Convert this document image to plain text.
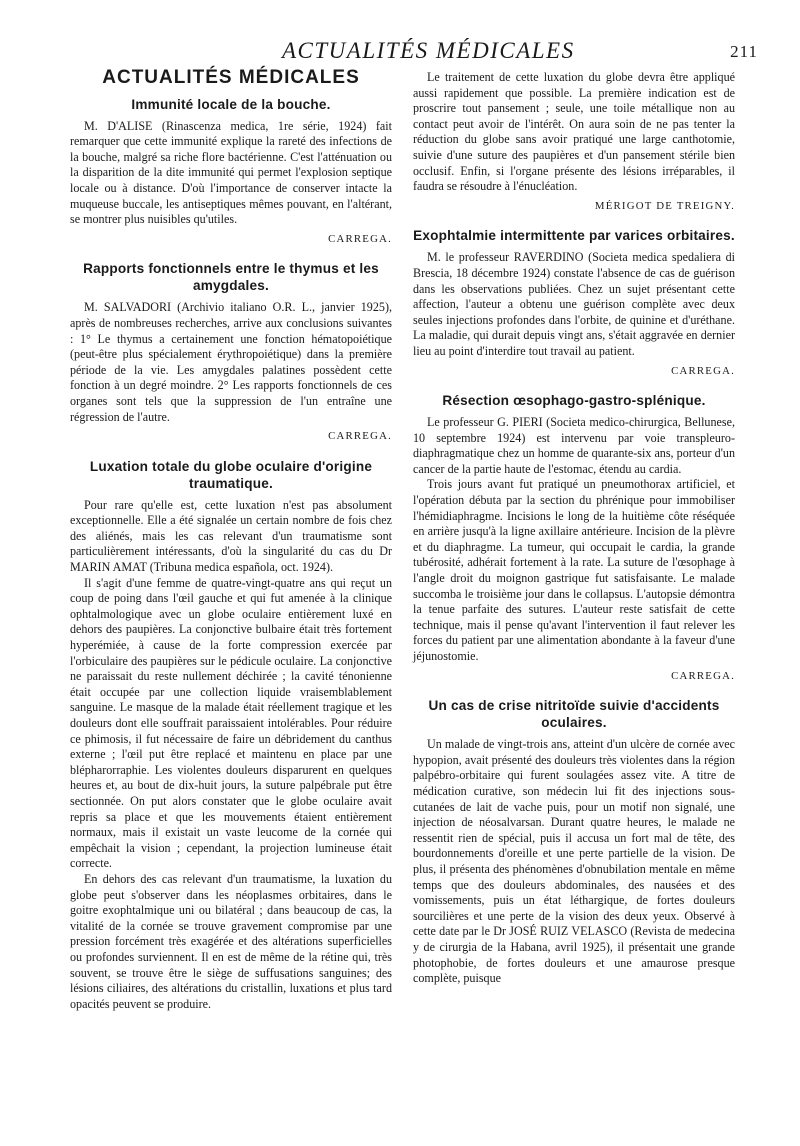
ACTUALITÉS MÉDICALES	211
ACTUALITÉS MÉDICALES
Immunité locale de la bouche.

M. D'ALISE (Rinascenza medica, 1re série, 1924) fait remarquer que cette immunité explique la rareté des infections de la bouche, malgré sa riche flore bactérienne. C'est l'atténuation ou la disparition de la dite immunité qui permet l'explosion septique locale ou à distance. D'où l'importance de conserver intacte la muqueuse buccale, les antiseptiques mêmes pouvant, en l'altérant, se montrer plus nuisibles qu'utiles.

CARREGA.
Rapports fonctionnels entre le thymus et les amygdales.

M. SALVADORI (Archivio italiano O.R. L., janvier 1925), après de nombreuses recherches, arrive aux conclusions suivantes : 1° Le thymus a certainement une fonction hématopoiétique (peut-être plus spécialement érythropoiétique) dans la première période de la vie. Les amygdales palatines possèdent cette fonction à un degré moindre. 2° Les rapports fonctionnels de ces organes sont tels que la suppression de l'un entraîne une régression de l'autre.

CARREGA.
Luxation totale du globe oculaire d'origine traumatique.

Pour rare qu'elle est, cette luxation n'est pas absolument exceptionnelle. Elle a été signalée un certain nombre de fois chez des aliénés, mais les cas relevant d'un traumatisme sont particulièrement intéressants, d'où la singularité du cas du Dr MARIN AMAT (Tribuna medica española, oct. 1924).

Il s'agit d'une femme de quatre-vingt-quatre ans qui reçut un coup de poing dans l'œil gauche et qui fut amenée à la clinique ophtalmologique avec un globe oculaire entièrement luxé en dehors des paupières. La conjonctive bulbaire était très fortement hyperémiée, à cause de la forte compression exercée par l'orbiculaire des paupières sur le pédicule oculaire. La conjonctive ne paraissait du reste nullement déchirée ; la cavité ténonienne était occupée par une collection liquide vraisemblablement sanguine. Le masque de la malade était réellement tragique et les douleurs dont elle souffrait paraissaient intolérables. Pour réduire ce phimosis, il fut nécessaire de faire un débridement du canthus externe ; l'œil put être replacé et maintenu en place par une blépharorraphie. Les violentes douleurs disparurent en quelques heures et, au bout de dix-huit jours, la suture palpébrale put être sectionnée. On put alors constater que le globe oculaire avait repris sa place et que les mouvements étaient entièrement normaux, mais il existait un vaste leucome de la cornée qui empêchait la vision ; cependant, la projection lumineuse était correcte.

En dehors des cas relevant d'un traumatisme, la luxation du globe peut s'observer dans les néoplasmes orbitaires, dans le goitre exophtalmique uni ou bilatéral ; dans beaucoup de cas, la vitalité de la cornée se trouve gravement compromise par une pression forcément très exagérée et des altérations superficielles ou profondes surviennent. Il en est de même de la rétine qui, très souvent, se trouve être le siège de suffusations sanguines; des lésions ciliaires, des altérations du cristallin, luxations et plus tard opacités peuvent se produire.

Le traitement de cette luxation du globe devra être appliqué aussi rapidement que possible. La première indication est de proscrire tout pansement ; seule, une toile métallique non au contact peut avoir de l'intérêt. On aura soin de ne pas tenter la réduction du globe sans avoir pratiqué une large canthotomie, suivie d'une suture des paupières et d'un pansement stérile bien occlusif. Enfin, si l'organe présente des lésions irréparables, il faudra se résoudre à l'énucléation.

MÉRIGOT DE TREIGNY.
Exophtalmie intermittente par varices orbitaires.

M. le professeur RAVERDINO (Societa medica spedaliera di Brescia, 18 décembre 1924) constate l'absence de cas de guérison dans les observations publiées. Chez un sujet présentant cette affection, l'auteur a obtenu une guérison complète avec deux seules injections profondes dans l'orbite, de quinine et d'uréthane. La maladie, qui durait depuis vingt ans, s'était aggravée en dernier lieu au point d'interdire tout travail au patient.

CARREGA.
Résection œsophago-gastro-splénique.

Le professeur G. PIERI (Societa medico-chirurgica, Bellunese, 10 septembre 1924) est intervenu par voie transpleuro-diaphragmatique chez un homme de quarante-six ans, porteur d'un cancer de la partie haute de l'estomac, étendu au cardia.

Trois jours avant fut pratiqué un pneumothorax artificiel, et l'opération débuta par la section du phrénique pour immobiliser l'hémidiaphragme. Incisions le long de la huitième côte réséquée en arrière jusqu'à la ligne axillaire antérieure. Incision de la plèvre et du diaphragme. La tumeur, qui occupait le cardia, la grande tubérosité, adhérait fortement à la rate. La suture de l'œsophage à l'angle droit du moignon gastrique fut satisfaisante. Le malade succomba le troisième jour dans le collapsus. L'autopsie démontra la tenue parfaite des sutures. L'auteur reste satisfait de cette technique, mais il pense qu'avant l'intervention il faut relever les forces du patient par une alimentation abondante à la faveur d'une jéjunostomie.

CARREGA.
Un cas de crise nitritoïde suivie d'accidents oculaires.

Un malade de vingt-trois ans, atteint d'un ulcère de cornée avec hypopion, avait présenté des douleurs très violentes dans la région palpébro-orbitaire qui furent soulagées assez vite. A titre de médication curative, son médecin lui fit des injections sous-cutanées de lait de vache puis, pour un motif non signalé, une injection de néosalvarsan. Durant quatre heures, le malade ne ressentit rien de spécial, puis il accusa un fort mal de tête, des bourdonnements d'oreille et une perte partielle de la vision. De plus, il présenta des phénomènes d'obnubilation mentale en même temps que des douleurs abdominales, des nausées et des vomissements, puis un état léthargique, de fortes douleurs sourcilières et une perte de la vision des deux yeux. Observé à cette date par le Dr JOSÉ RUIZ VELASCO (Revista de medecina y de cirurgia de la Habana, avril 1925), il présentait une grande photophobie, de fortes douleurs et une amaurose presque complète, puisque
